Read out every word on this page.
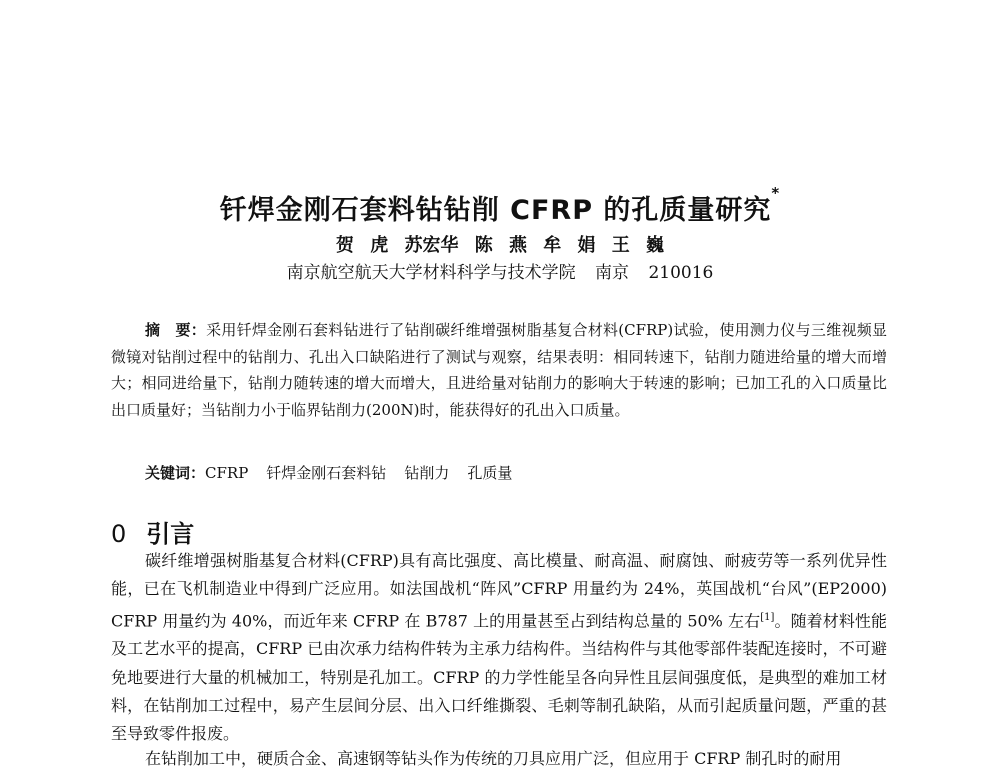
钎焊金刚石套料钻钻削 CFRP 的孔质量研究*
贺 虎 苏宏华 陈 燕 牟 娟 王 巍
南京航空航天大学材料科学与技术学院 南京 210016

摘　要：采用钎焊金刚石套料钻进行了钻削碳纤维增强树脂基复合材料(CFRP)试验，使用测力仪与三维视频显微镜对钻削过程中的钻削力、孔出入口缺陷进行了测试与观察，结果表明：相同转速下，钻削力随进给量的增大而增大；相同进给量下，钻削力随转速的增大而增大，且进给量对钻削力的影响大于转速的影响；已加工孔的入口质量比出口质量好；当钻削力小于临界钻削力(200N)时，能获得好的孔出入口质量。

关键词：CFRP 钎焊金刚石套料钻 钻削力 孔质量

0 引言

碳纤维增强树脂基复合材料(CFRP)具有高比强度、高比模量、耐高温、耐腐蚀、耐疲劳等一系列优异性能，已在飞机制造业中得到广泛应用。如法国战机“阵风”CFRP 用量约为 24%，英国战机“台风”(EP2000) CFRP 用量约为 40%，而近年来 CFRP 在 B787 上的用量甚至占到结构总量的 50% 左右[1]。随着材料性能及工艺水平的提高，CFRP 已由次承力结构件转为主承力结构件。当结构件与其他零部件装配连接时，不可避免地要进行大量的机械加工，特别是孔加工。CFRP 的力学性能呈各向异性且层间强度低，是典型的难加工材料，在钻削加工过程中，易产生层间分层、出入口纤维撕裂、毛刺等制孔缺陷，从而引起质量问题，严重的甚至导致零件报废。

在钻削加工中，硬质合金、高速钢等钻头作为传统的刀具应用广泛，但应用于 CFRP 制孔时的耐用
